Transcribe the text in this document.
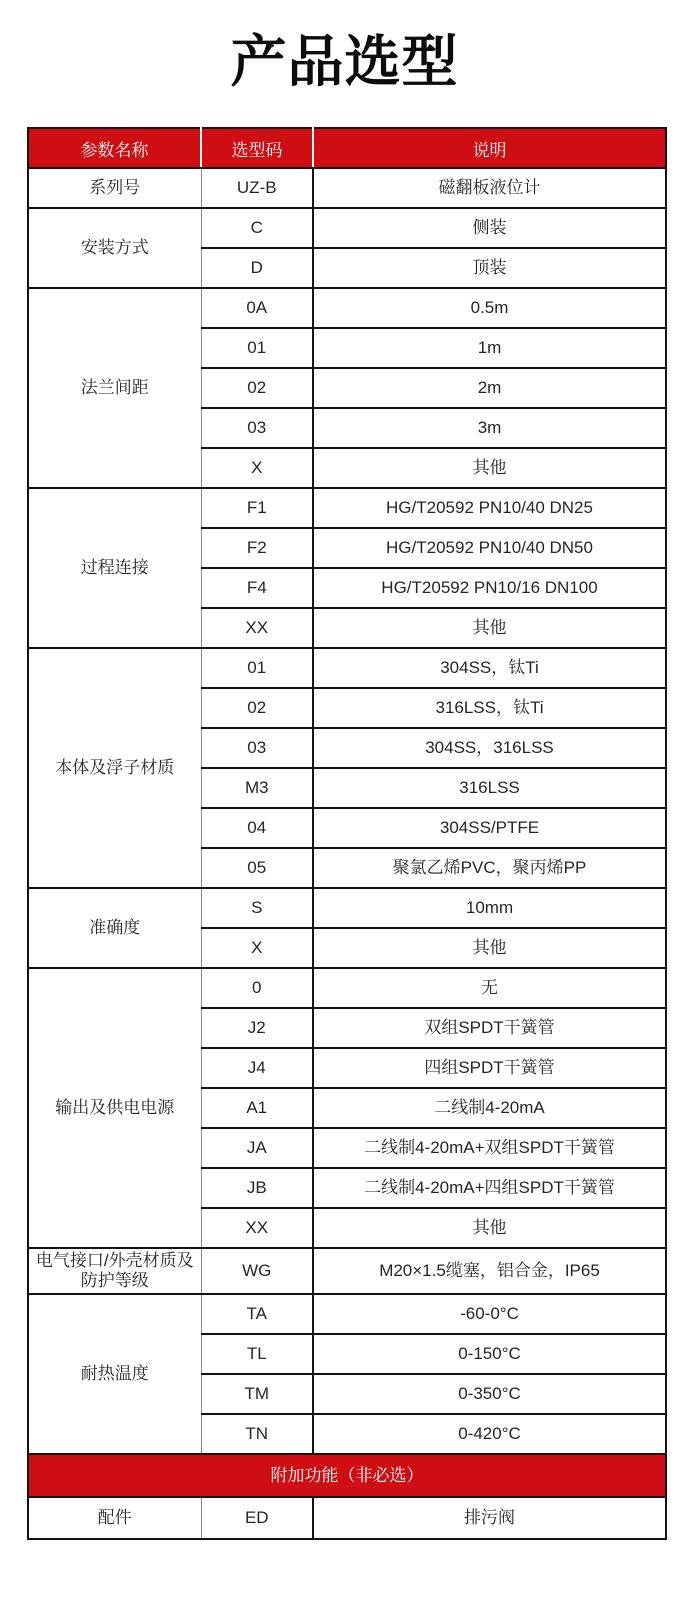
产品选型
参数名称	选型码	说明
系列号	UZ-B	磁翻板液位计
安装方式	C	侧装
	D	顶装
法兰间距	0A	0.5m
	01	1m
	02	2m
	03	3m
	X	其他
过程连接	F1	HG/T20592 PN10/40 DN25
	F2	HG/T20592 PN10/40 DN50
	F4	HG/T20592 PN10/16 DN100
	XX	其他
本体及浮子材质	01	304SS，钛Ti
	02	316LSS，钛Ti
	03	304SS，316LSS
	M3	316LSS
	04	304SS/PTFE
	05	聚氯乙烯PVC，聚丙烯PP
准确度	S	10mm
	X	其他
输出及供电电源	0	无
	J2	双组SPDT干簧管
	J4	四组SPDT干簧管
	A1	二线制4-20mA
	JA	二线制4-20mA+双组SPDT干簧管
	JB	二线制4-20mA+四组SPDT干簧管
	XX	其他
电气接口/外壳材质及防护等级	WG	M20×1.5缆塞，铝合金，IP65
耐热温度	TA	-60-0°C
	TL	0-150°C
	TM	0-350°C
	TN	0-420°C
附加功能（非必选）		
配件	ED	排污阀
